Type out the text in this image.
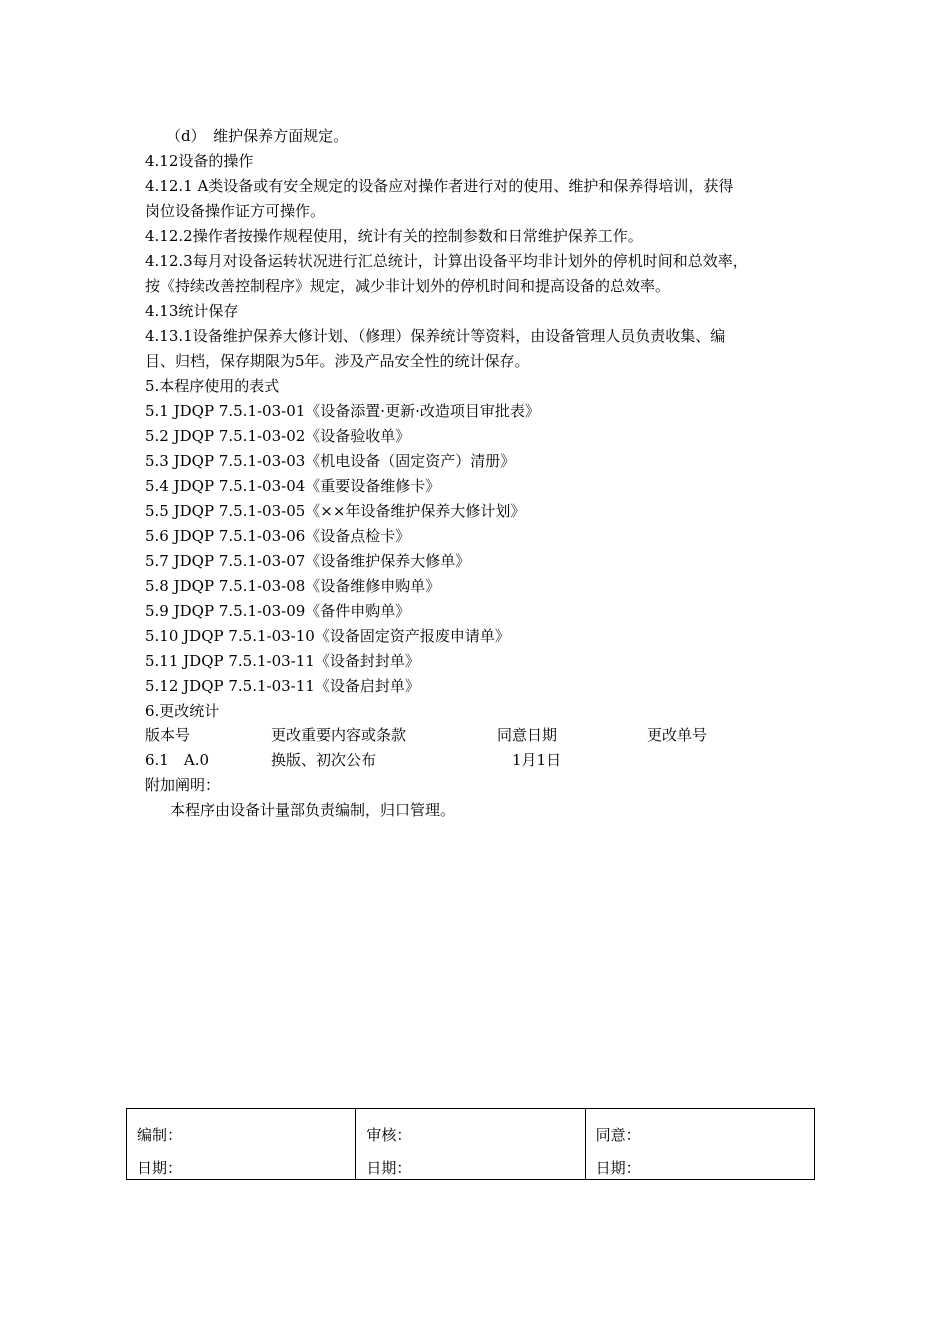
（d）　维护保养方面规定。
4.12设备的操作
4.12.1 A类设备或有安全规定的设备应对操作者进行对的使用、维护和保养得培训，获得
岗位设备操作证方可操作。
4.12.2操作者按操作规程使用，统计有关的控制参数和日常维护保养工作。
4.12.3每月对设备运转状况进行汇总统计，计算出设备平均非计划外的停机时间和总效率，
按《持续改善控制程序》规定，减少非计划外的停机时间和提高设备的总效率。
4.13统计保存
4.13.1设备维护保养大修计划、（修理）保养统计等资料，由设备管理人员负责收集、编
目、归档，保存期限为5年。涉及产品安全性的统计保存。
5.本程序使用的表式
5.1 JDQP 7.5.1-03-01《设备添置·更新·改造项目审批表》
5.2 JDQP 7.5.1-03-02《设备验收单》
5.3 JDQP 7.5.1-03-03《机电设备（固定资产）清册》
5.4 JDQP 7.5.1-03-04《重要设备维修卡》
5.5 JDQP 7.5.1-03-05《××年设备维护保养大修计划》
5.6 JDQP 7.5.1-03-06《设备点检卡》
5.7 JDQP 7.5.1-03-07《设备维护保养大修单》
5.8 JDQP 7.5.1-03-08《设备维修申购单》
5.9 JDQP 7.5.1-03-09《备件申购单》
5.10 JDQP 7.5.1-03-10《设备固定资产报废申请单》
5.11 JDQP 7.5.1-03-11《设备封封单》
5.12 JDQP 7.5.1-03-11《设备启封单》
6.更改统计
版本号	更改重要内容或条款	同意日期	更改单号
6.1　A.0	换版、初次公布	1月1日
附加阐明：
本程序由设备计量部负责编制，归口管理。
编制：
日期：

审核：
日期：

同意：
日期：
